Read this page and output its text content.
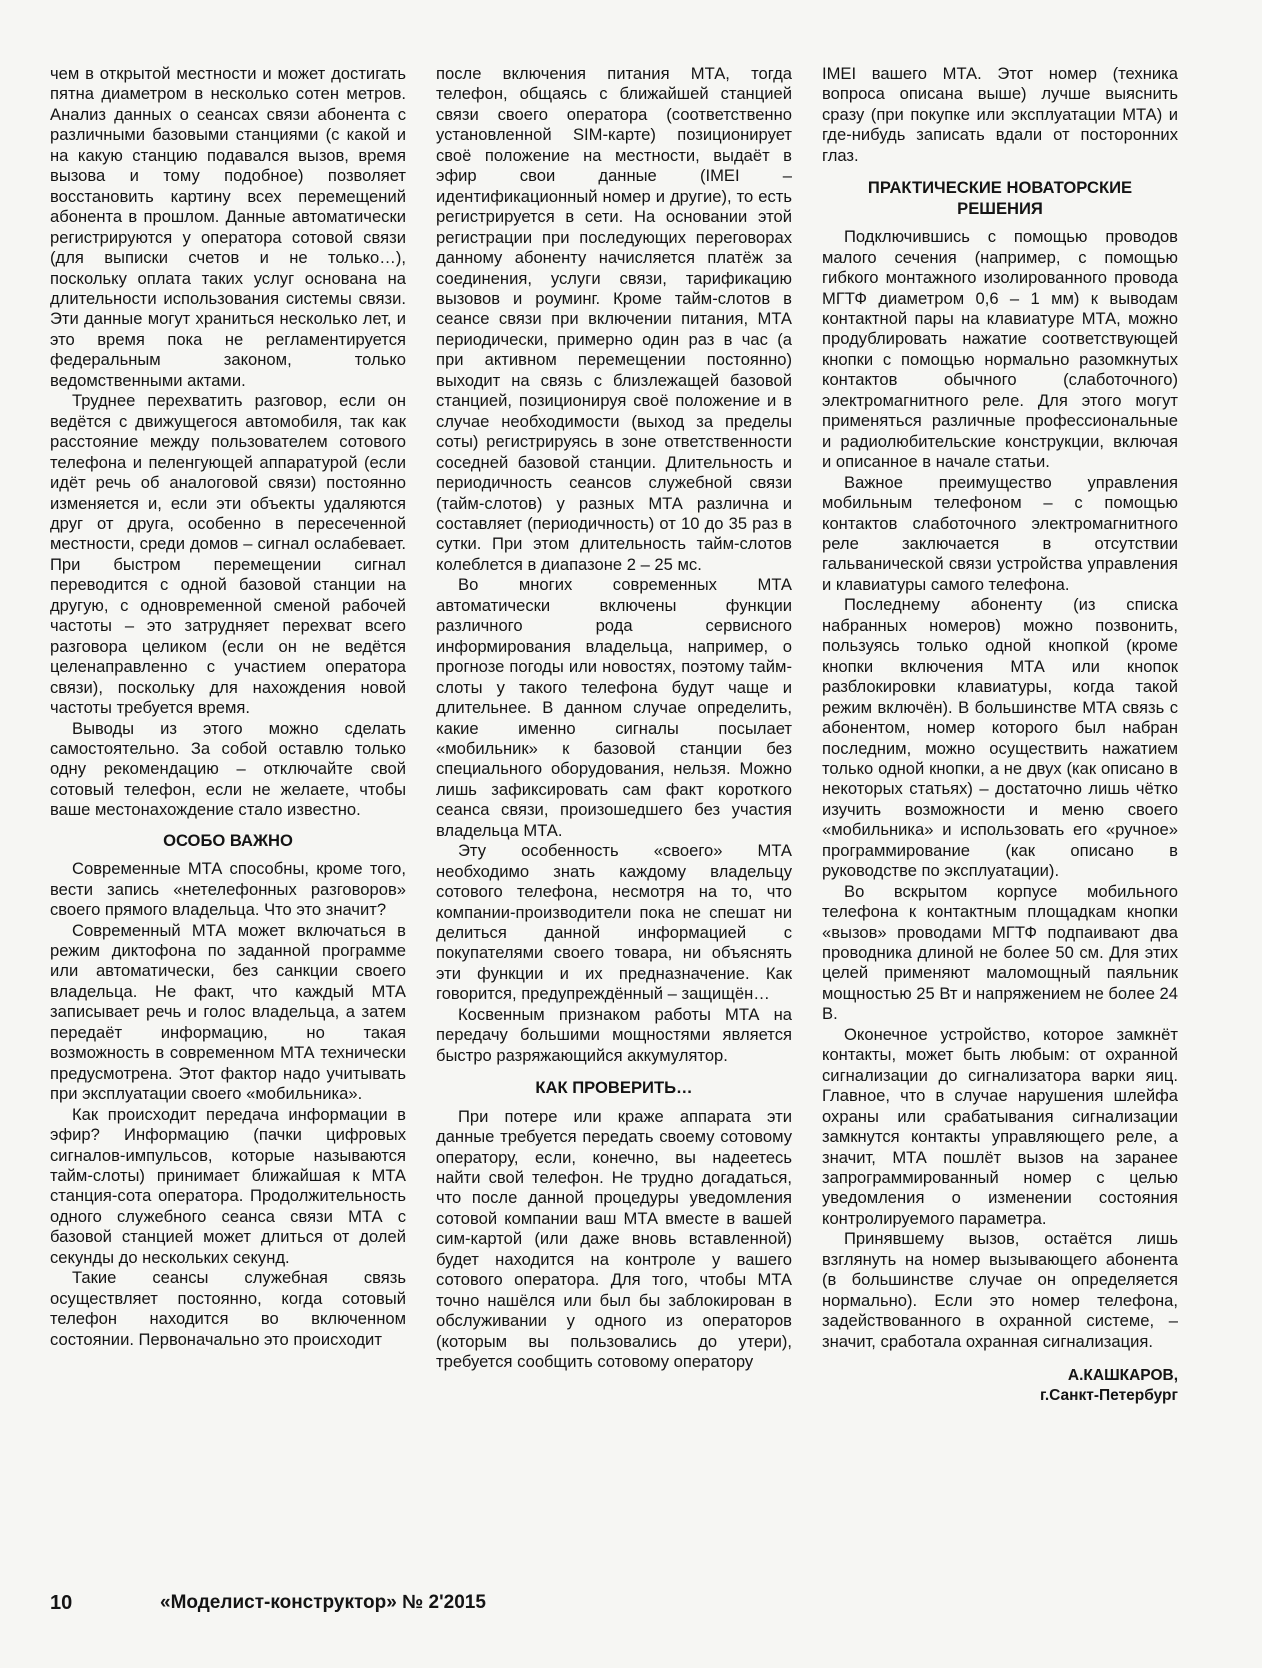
чем в открытой местности и может достигать пятна диаметром в несколько сотен метров. Анализ данных о сеансах связи абонента с различными базовыми станциями (с какой и на какую станцию подавался вызов, время вызова и тому подобное) позволяет восстановить картину всех перемещений абонента в прошлом. Данные автоматически регистрируются у оператора сотовой связи (для выписки счетов и не только…), поскольку оплата таких услуг основана на длительности использования системы связи. Эти данные могут храниться несколько лет, и это время пока не регламентируется федеральным законом, только ведомственными актами.

Труднее перехватить разговор, если он ведётся с движущегося автомобиля, так как расстояние между пользователем сотового телефона и пеленгующей аппаратурой (если идёт речь об аналоговой связи) постоянно изменяется и, если эти объекты удаляются друг от друга, особенно в пересеченной местности, среди домов – сигнал ослабевает. При быстром перемещении сигнал переводится с одной базовой станции на другую, с одновременной сменой рабочей частоты – это затрудняет перехват всего разговора целиком (если он не ведётся целенаправленно с участием оператора связи), поскольку для нахождения новой частоты требуется время.

Выводы из этого можно сделать самостоятельно. За собой оставлю только одну рекомендацию – отключайте свой сотовый телефон, если не желаете, чтобы ваше местонахождение стало известно.

ОСОБО ВАЖНО

Современные МТА способны, кроме того, вести запись «нетелефонных разговоров» своего прямого владельца. Что это значит?

Современный МТА может включаться в режим диктофона по заданной программе или автоматически, без санкции своего владельца. Не факт, что каждый МТА записывает речь и голос владельца, а затем передаёт информацию, но такая возможность в современном МТА технически предусмотрена. Этот фактор надо учитывать при эксплуатации своего «мобильника».

Как происходит передача информации в эфир? Информацию (пачки цифровых сигналов-импульсов, которые называются тайм-слоты) принимает ближайшая к МТА станция-сота оператора. Продолжительность одного служебного сеанса связи МТА с базовой станцией может длиться от долей секунды до нескольких секунд.

Такие сеансы служебная связь осуществляет постоянно, когда сотовый телефон находится во включенном состоянии. Первоначально это происходит

после включения питания МТА, тогда телефон, общаясь с ближайшей станцией связи своего оператора (соответственно установленной SIM-карте) позиционирует своё положение на местности, выдаёт в эфир свои данные (IMEI – идентификационный номер и другие), то есть регистрируется в сети. На основании этой регистрации при последующих переговорах данному абоненту начисляется платёж за соединения, услуги связи, тарификацию вызовов и роуминг. Кроме тайм-слотов в сеансе связи при включении питания, МТА периодически, примерно один раз в час (а при активном перемещении постоянно) выходит на связь с близлежащей базовой станцией, позиционируя своё положение и в случае необходимости (выход за пределы соты) регистрируясь в зоне ответственности соседней базовой станции. Длительность и периодичность сеансов служебной связи (тайм-слотов) у разных МТА различна и составляет (периодичность) от 10 до 35 раз в сутки. При этом длительность тайм-слотов колеблется в диапазоне 2 – 25 мс.

Во многих современных МТА автоматически включены функции различного рода сервисного информирования владельца, например, о прогнозе погоды или новостях, поэтому тайм-слоты у такого телефона будут чаще и длительнее. В данном случае определить, какие именно сигналы посылает «мобильник» к базовой станции без специального оборудования, нельзя. Можно лишь зафиксировать сам факт короткого сеанса связи, произошедшего без участия владельца МТА.

Эту особенность «своего» МТА необходимо знать каждому владельцу сотового телефона, несмотря на то, что компании-производители пока не спешат ни делиться данной информацией с покупателями своего товара, ни объяснять эти функции и их предназначение. Как говорится, предупреждённый – защищён…

Косвенным признаком работы МТА на передачу большими мощностями является быстро разряжающийся аккумулятор.

КАК ПРОВЕРИТЬ…

При потере или краже аппарата эти данные требуется передать своему сотовому оператору, если, конечно, вы надеетесь найти свой телефон. Не трудно догадаться, что после данной процедуры уведомления сотовой компании ваш МТА вместе в вашей сим-картой (или даже вновь вставленной) будет находится на контроле у вашего сотового оператора. Для того, чтобы МТА точно нашёлся или был бы заблокирован в обслуживании у одного из операторов (которым вы пользовались до утери), требуется сообщить сотовому оператору

IMEI вашего МТА. Этот номер (техника вопроса описана выше) лучше выяснить сразу (при покупке или эксплуатации МТА) и где-нибудь записать вдали от посторонних глаз.

ПРАКТИЧЕСКИЕ НОВАТОРСКИЕ РЕШЕНИЯ

Подключившись с помощью проводов малого сечения (например, с помощью гибкого монтажного изолированного провода МГТФ диаметром 0,6 – 1 мм) к выводам контактной пары на клавиатуре МТА, можно продублировать нажатие соответствующей кнопки с помощью нормально разомкнутых контактов обычного (слаботочного) электромагнитного реле. Для этого могут применяться различные профессиональные и радиолюбительские конструкции, включая и описанное в начале статьи.

Важное преимущество управления мобильным телефоном – с помощью контактов слаботочного электромагнитного реле заключается в отсутствии гальванической связи устройства управления и клавиатуры самого телефона.

Последнему абоненту (из списка набранных номеров) можно позвонить, пользуясь только одной кнопкой (кроме кнопки включения МТА или кнопок разблокировки клавиатуры, когда такой режим включён). В большинстве МТА связь с абонентом, номер которого был набран последним, можно осуществить нажатием только одной кнопки, а не двух (как описано в некоторых статьях) – достаточно лишь чётко изучить возможности и меню своего «мобильника» и использовать его «ручное» программирование (как описано в руководстве по эксплуатации).

Во вскрытом корпусе мобильного телефона к контактным площадкам кнопки «вызов» проводами МГТФ подпаивают два проводника длиной не более 50 см. Для этих целей применяют маломощный паяльник мощностью 25 Вт и напряжением не более 24 В.

Оконечное устройство, которое замкнёт контакты, может быть любым: от охранной сигнализации до сигнализатора варки яиц. Главное, что в случае нарушения шлейфа охраны или срабатывания сигнализации замкнутся контакты управляющего реле, а значит, МТА пошлёт вызов на заранее запрограммированный номер с целью уведомления о изменении состояния контролируемого параметра.

Принявшему вызов, остаётся лишь взглянуть на номер вызывающего абонента (в большинстве случае он определяется нормально). Если это номер телефона, задействованного в охранной системе, – значит, сработала охранная сигнализация.

А.КАШКАРОВ,
г.Санкт-Петербург
10	«Моделист-конструктор» № 2'2015
